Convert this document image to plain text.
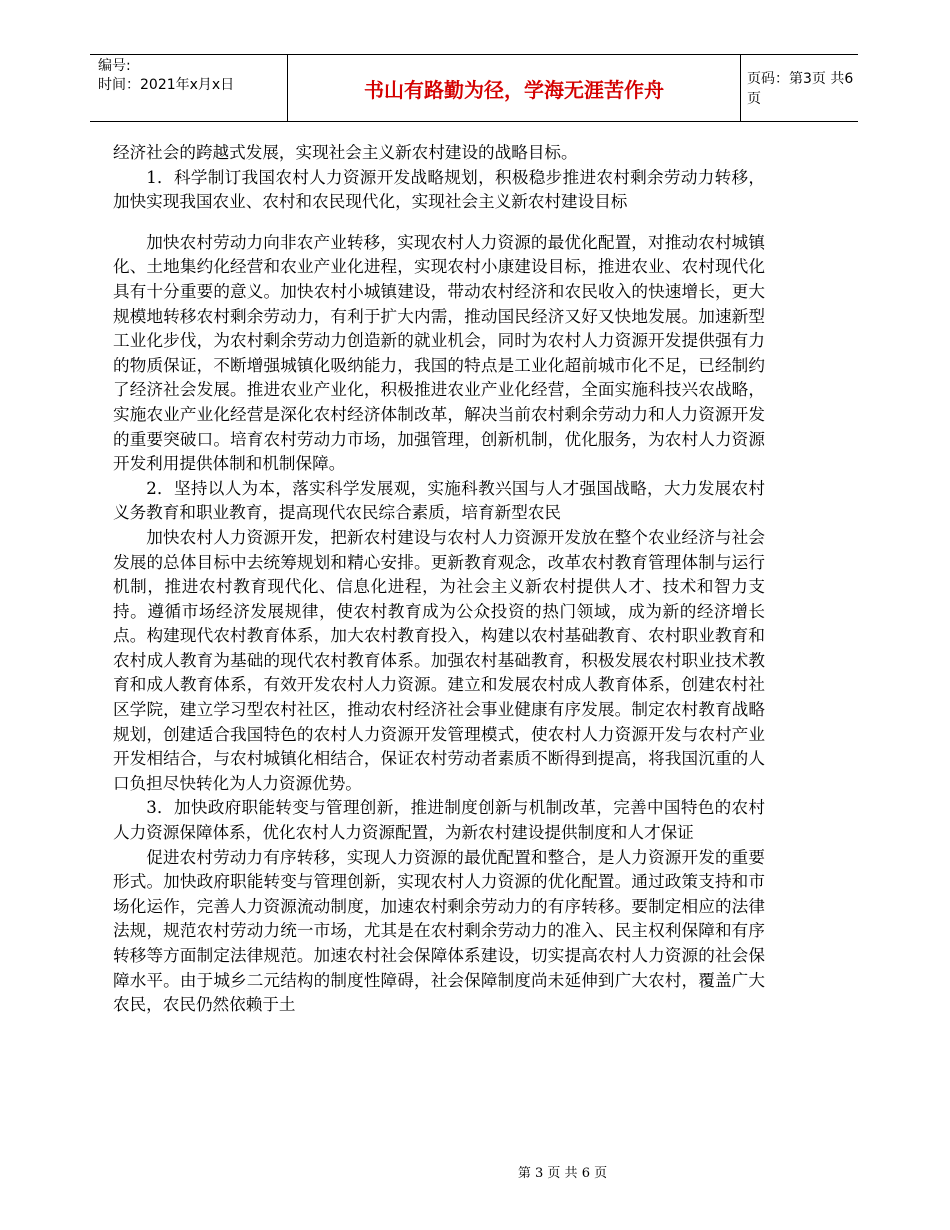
编号:
时间：2021年x月x日	书山有路勤为径，学海无涯苦作舟	页码：第3页 共6页

经济社会的跨越式发展，实现社会主义新农村建设的战略目标。

1．科学制订我国农村人力资源开发战略规划，积极稳步推进农村剩余劳动力转移，加快实现我国农业、农村和农民现代化，实现社会主义新农村建设目标

加快农村劳动力向非农产业转移，实现农村人力资源的最优化配置，对推动农村城镇化、土地集约化经营和农业产业化进程，实现农村小康建设目标，推进农业、农村现代化具有十分重要的意义。加快农村小城镇建设，带动农村经济和农民收入的快速增长，更大规模地转移农村剩余劳动力，有利于扩大内需，推动国民经济又好又快地发展。加速新型工业化步伐，为农村剩余劳动力创造新的就业机会，同时为农村人力资源开发提供强有力的物质保证，不断增强城镇化吸纳能力，我国的特点是工业化超前城市化不足，已经制约了经济社会发展。推进农业产业化，积极推进农业产业化经营，全面实施科技兴农战略，实施农业产业化经营是深化农村经济体制改革，解决当前农村剩余劳动力和人力资源开发的重要突破口。培育农村劳动力市场，加强管理，创新机制，优化服务，为农村人力资源开发利用提供体制和机制保障。

2．坚持以人为本，落实科学发展观，实施科教兴国与人才强国战略，大力发展农村义务教育和职业教育，提高现代农民综合素质，培育新型农民

加快农村人力资源开发，把新农村建设与农村人力资源开发放在整个农业经济与社会发展的总体目标中去统筹规划和精心安排。更新教育观念，改革农村教育管理体制与运行机制，推进农村教育现代化、信息化进程，为社会主义新农村提供人才、技术和智力支持。遵循市场经济发展规律，使农村教育成为公众投资的热门领域，成为新的经济增长点。构建现代农村教育体系，加大农村教育投入，构建以农村基础教育、农村职业教育和农村成人教育为基础的现代农村教育体系。加强农村基础教育，积极发展农村职业技术教育和成人教育体系，有效开发农村人力资源。建立和发展农村成人教育体系，创建农村社区学院，建立学习型农村社区，推动农村经济社会事业健康有序发展。制定农村教育战略规划，创建适合我国特色的农村人力资源开发管理模式，使农村人力资源开发与农村产业开发相结合，与农村城镇化相结合，保证农村劳动者素质不断得到提高，将我国沉重的人口负担尽快转化为人力资源优势。

3．加快政府职能转变与管理创新，推进制度创新与机制改革，完善中国特色的农村人力资源保障体系，优化农村人力资源配置，为新农村建设提供制度和人才保证

促进农村劳动力有序转移，实现人力资源的最优配置和整合，是人力资源开发的重要形式。加快政府职能转变与管理创新，实现农村人力资源的优化配置。通过政策支持和市场化运作，完善人力资源流动制度，加速农村剩余劳动力的有序转移。要制定相应的法律法规，规范农村劳动力统一市场，尤其是在农村剩余劳动力的准入、民主权利保障和有序转移等方面制定法律规范。加速农村社会保障体系建设，切实提高农村人力资源的社会保障水平。由于城乡二元结构的制度性障碍，社会保障制度尚未延伸到广大农村，覆盖广大农民，农民仍然依赖于土

第 3 页 共 6 页
